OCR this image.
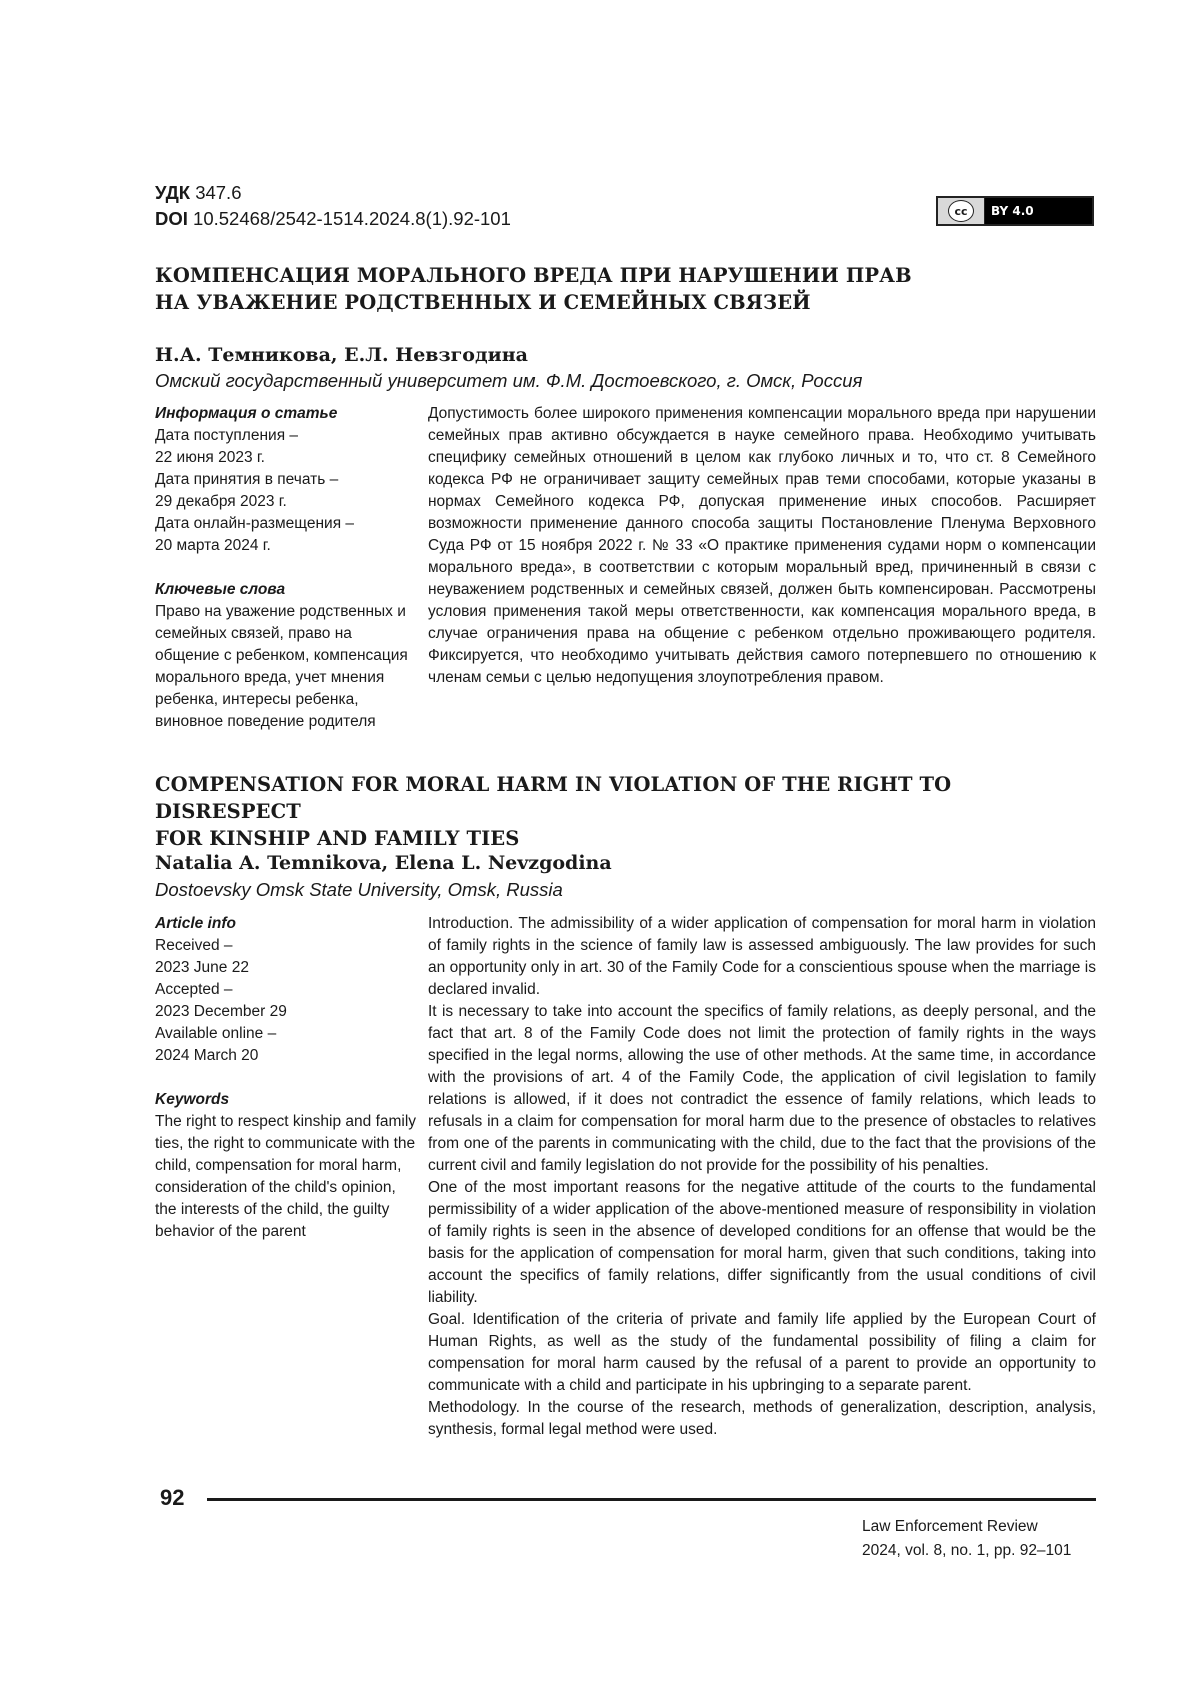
УДК 347.6
DOI 10.52468/2542-1514.2024.8(1).92-101	cc	BY 4.0
КОМПЕНСАЦИЯ МОРАЛЬНОГО ВРЕДА ПРИ НАРУШЕНИИ ПРАВ
НА УВАЖЕНИЕ РОДСТВЕННЫХ И СЕМЕЙНЫХ СВЯЗЕЙ
Н.А. Темникова, Е.Л. Невзгодина
Омский государственный университет им. Ф.М. Достоевского, г. Омск, Россия
Информация о статье
Дата поступления –
22 июня 2023 г.
Дата принятия в печать –
29 декабря 2023 г.
Дата онлайн-размещения –
20 марта 2024 г.
Ключевые слова
Право на уважение родственных и семейных связей, право на общение с ребенком, компенсация морального вреда, учет мнения ребенка, интересы ребенка, виновное поведение родителя

Допустимость более широкого применения компенсации морального вреда при нарушении семейных прав активно обсуждается в науке семейного права. Необходимо учитывать специфику семейных отношений в целом как глубоко личных и то, что ст. 8 Семейного кодекса РФ не ограничивает защиту семейных прав теми способами, которые указаны в нормах Семейного кодекса РФ, допуская применение иных способов. Расширяет возможности применение данного способа защиты Постановление Пленума Верховного Суда РФ от 15 ноября 2022 г. № 33 «О практике применения судами норм о компенсации морального вреда», в соответствии с которым моральный вред, причиненный в связи с неуважением родственных и семейных связей, должен быть компенсирован. Рассмотрены условия применения такой меры ответственности, как компенсация морального вреда, в случае ограничения права на общение с ребенком отдельно проживающего родителя. Фиксируется, что необходимо учитывать действия самого потерпевшего по отношению к членам семьи с целью недопущения злоупотребления правом.

COMPENSATION FOR MORAL HARM IN VIOLATION OF THE RIGHT TO DISRESPECT
FOR KINSHIP AND FAMILY TIES
Natalia A. Temnikova, Elena L. Nevzgodina
Dostoevsky Omsk State University, Omsk, Russia
Article info
Received –
2023 June 22
Accepted –
2023 December 29
Available online –
2024 March 20
Keywords
The right to respect kinship and family ties, the right to communicate with the child, compensation for moral harm, consideration of the child's opinion, the interests of the child, the guilty behavior of the parent

Introduction. The admissibility of a wider application of compensation for moral harm in violation of family rights in the science of family law is assessed ambiguously. The law provides for such an opportunity only in art. 30 of the Family Code for a conscientious spouse when the marriage is declared invalid.

It is necessary to take into account the specifics of family relations, as deeply personal, and the fact that art. 8 of the Family Code does not limit the protection of family rights in the ways specified in the legal norms, allowing the use of other methods. At the same time, in accordance with the provisions of art. 4 of the Family Code, the application of civil legislation to family relations is allowed, if it does not contradict the essence of family relations, which leads to refusals in a claim for compensation for moral harm due to the presence of obstacles to relatives from one of the parents in communicating with the child, due to the fact that the provisions of the current civil and family legislation do not provide for the possibility of his penalties.

One of the most important reasons for the negative attitude of the courts to the fundamental permissibility of a wider application of the above-mentioned measure of responsibility in violation of family rights is seen in the absence of developed conditions for an offense that would be the basis for the application of compensation for moral harm, given that such conditions, taking into account the specifics of family relations, differ significantly from the usual conditions of civil liability.

Goal. Identification of the criteria of private and family life applied by the European Court of Human Rights, as well as the study of the fundamental possibility of filing a claim for compensation for moral harm caused by the refusal of a parent to provide an opportunity to communicate with a child and participate in his upbringing to a separate parent.

Methodology. In the course of the research, methods of generalization, description, analysis, synthesis, formal legal method were used.

92
Law Enforcement Review
2024, vol. 8, no. 1, pp. 92–101
